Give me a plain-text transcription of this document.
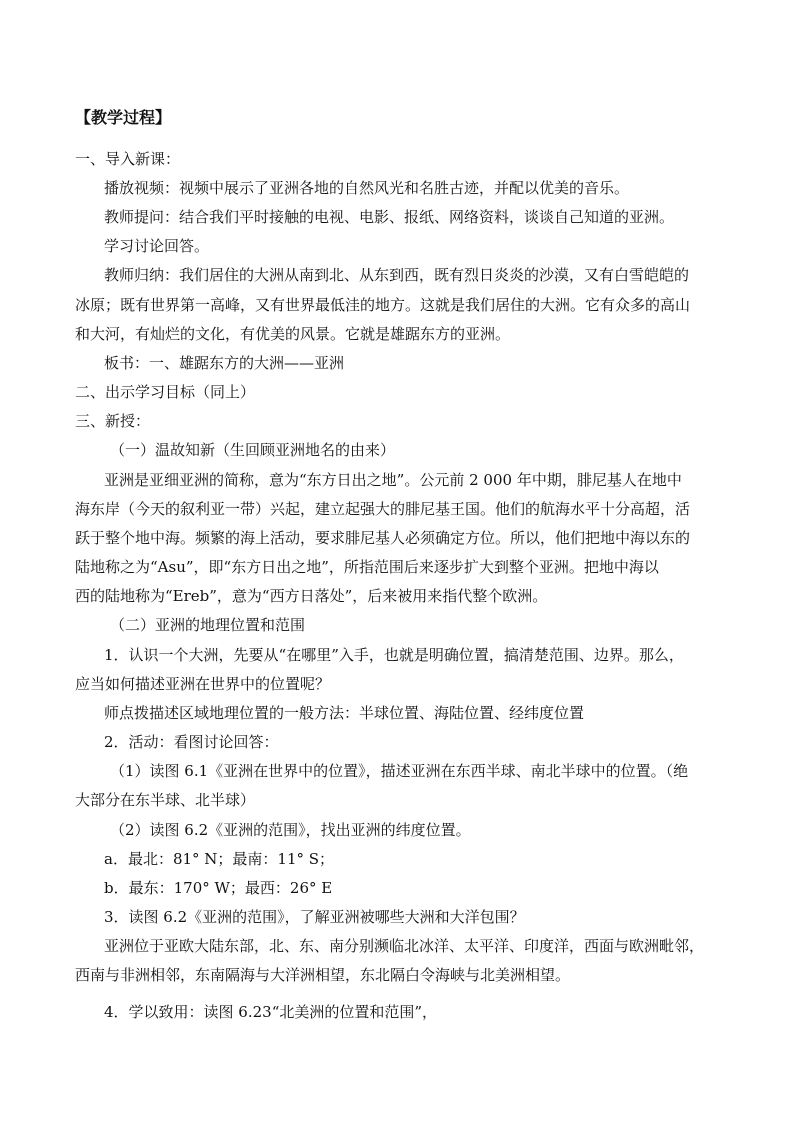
【教学过程】
一、导入新课：
播放视频：视频中展示了亚洲各地的自然风光和名胜古迹，并配以优美的音乐。
教师提问：结合我们平时接触的电视、电影、报纸、网络资料，谈谈自己知道的亚洲。
学习讨论回答。
教师归纳：我们居住的大洲从南到北、从东到西，既有烈日炎炎的沙漠，又有白雪皑皑的
冰原；既有世界第一高峰，又有世界最低洼的地方。这就是我们居住的大洲。它有众多的高山
和大河，有灿烂的文化，有优美的风景。它就是雄踞东方的亚洲。
板书：一、雄踞东方的大洲——亚洲
二、出示学习目标（同上）
三、新授：
（一）温故知新（生回顾亚洲地名的由来）
亚洲是亚细亚洲的简称，意为“东方日出之地”。公元前 2 000 年中期，腓尼基人在地中
海东岸（今天的叙利亚一带）兴起，建立起强大的腓尼基王国。他们的航海水平十分高超，活
跃于整个地中海。频繁的海上活动，要求腓尼基人必须确定方位。所以，他们把地中海以东的
陆地称之为“Asu”，即“东方日出之地”，所指范围后来逐步扩大到整个亚洲。把地中海以
西的陆地称为“Ereb”，意为“西方日落处”，后来被用来指代整个欧洲。
（二）亚洲的地理位置和范围
1．认识一个大洲，先要从“在哪里”入手，也就是明确位置，搞清楚范围、边界。那么，
应当如何描述亚洲在世界中的位置呢？
师点拨描述区域地理位置的一般方法：半球位置、海陆位置、经纬度位置
2．活动：看图讨论回答：
（1）读图 6.1《亚洲在世界中的位置》，描述亚洲在东西半球、南北半球中的位置。（绝
大部分在东半球、北半球）
（2）读图 6.2《亚洲的范围》，找出亚洲的纬度位置。
a．最北：81° N；最南：11° S；
b．最东：170° W；最西：26° E
3．读图 6.2《亚洲的范围》，了解亚洲被哪些大洲和大洋包围？
亚洲位于亚欧大陆东部，北、东、南分别濒临北冰洋、太平洋、印度洋，西面与欧洲毗邻，
西南与非洲相邻，东南隔海与大洋洲相望，东北隔白令海峡与北美洲相望。
4．学以致用：读图 6.23“北美洲的位置和范围”，
